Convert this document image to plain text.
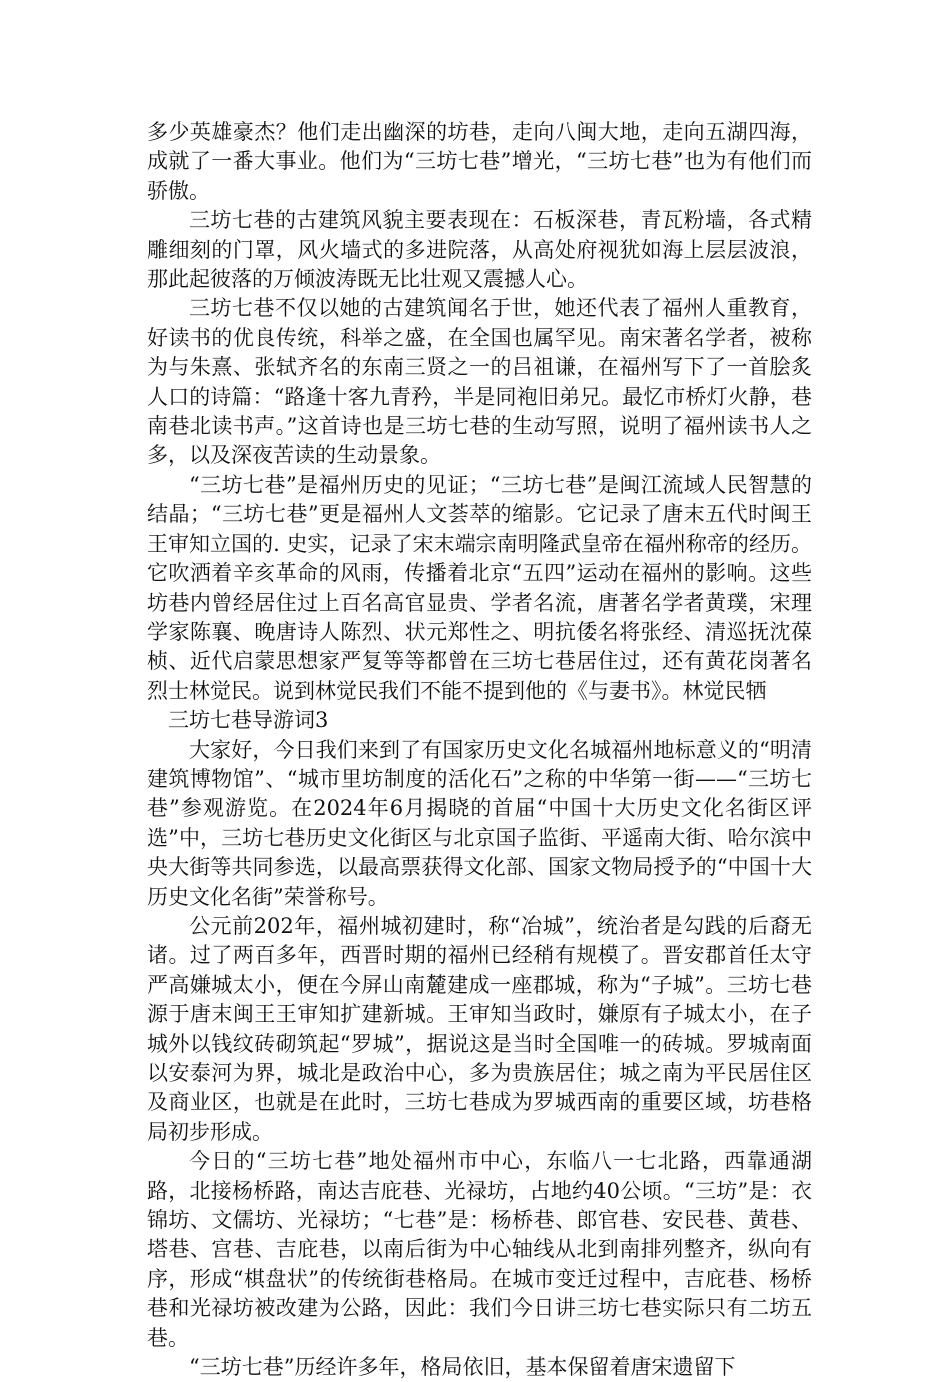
多少英雄豪杰？他们走出幽深的坊巷，走向八闽大地，走向五湖四海，成就了一番大事业。他们为“三坊七巷”增光，“三坊七巷”也为有他们而骄傲。

三坊七巷的古建筑风貌主要表现在：石板深巷，青瓦粉墙，各式精雕细刻的门罩，风火墙式的多进院落，从高处府视犹如海上层层波浪，那此起彼落的万倾波涛既无比壮观又震撼人心。

三坊七巷不仅以她的古建筑闻名于世，她还代表了福州人重教育，好读书的优良传统，科举之盛，在全国也属罕见。南宋著名学者，被称为与朱熹、张轼齐名的东南三贤之一的吕祖谦，在福州写下了一首脍炙人口的诗篇：“路逢十客九青矜，半是同袍旧弟兄。最忆市桥灯火静，巷南巷北读书声。”这首诗也是三坊七巷的生动写照，说明了福州读书人之多，以及深夜苦读的生动景象。

“三坊七巷”是福州历史的见证；“三坊七巷”是闽江流域人民智慧的结晶；“三坊七巷”更是福州人文荟萃的缩影。它记录了唐末五代时闽王王审知立国的. 史实，记录了宋末端宗南明隆武皇帝在福州称帝的经历。它吹洒着辛亥革命的风雨，传播着北京“五四”运动在福州的影响。这些坊巷内曾经居住过上百名高官显贵、学者名流，唐著名学者黄璞，宋理学家陈襄、晚唐诗人陈烈、状元郑性之、明抗倭名将张经、清巡抚沈葆桢、近代启蒙思想家严复等等都曾在三坊七巷居住过，还有黄花岗著名烈士林觉民。说到林觉民我们不能不提到他的《与妻书》。林觉民牺

三坊七巷导游词3

大家好，今日我们来到了有国家历史文化名城福州地标意义的“明清建筑博物馆”、“城市里坊制度的活化石”之称的中华第一街——“三坊七巷”参观游览。在2024年6月揭晓的首届“中国十大历史文化名街区评选”中，三坊七巷历史文化街区与北京国子监街、平遥南大街、哈尔滨中央大街等共同参选，以最高票获得文化部、国家文物局授予的“中国十大历史文化名街”荣誉称号。

公元前202年，福州城初建时，称“冶城”，统治者是勾践的后裔无诸。过了两百多年，西晋时期的福州已经稍有规模了。晋安郡首任太守严高嫌城太小，便在今屏山南麓建成一座郡城，称为“子城”。三坊七巷源于唐末闽王王审知扩建新城。王审知当政时，嫌原有子城太小，在子城外以钱纹砖砌筑起“罗城”，据说这是当时全国唯一的砖城。罗城南面以安泰河为界，城北是政治中心，多为贵族居住；城之南为平民居住区及商业区，也就是在此时，三坊七巷成为罗城西南的重要区域，坊巷格局初步形成。

今日的“三坊七巷”地处福州市中心，东临八一七北路，西靠通湖路，北接杨桥路，南达吉庇巷、光禄坊，占地约40公顷。“三坊”是：衣锦坊、文儒坊、光禄坊；“七巷”是：杨桥巷、郎官巷、安民巷、黄巷、塔巷、宫巷、吉庇巷，以南后街为中心轴线从北到南排列整齐，纵向有序，形成“棋盘状”的传统街巷格局。在城市变迁过程中，吉庇巷、杨桥巷和光禄坊被改建为公路，因此：我们今日讲三坊七巷实际只有二坊五巷。

“三坊七巷”历经许多年，格局依旧，基本保留着唐宋遗留下
